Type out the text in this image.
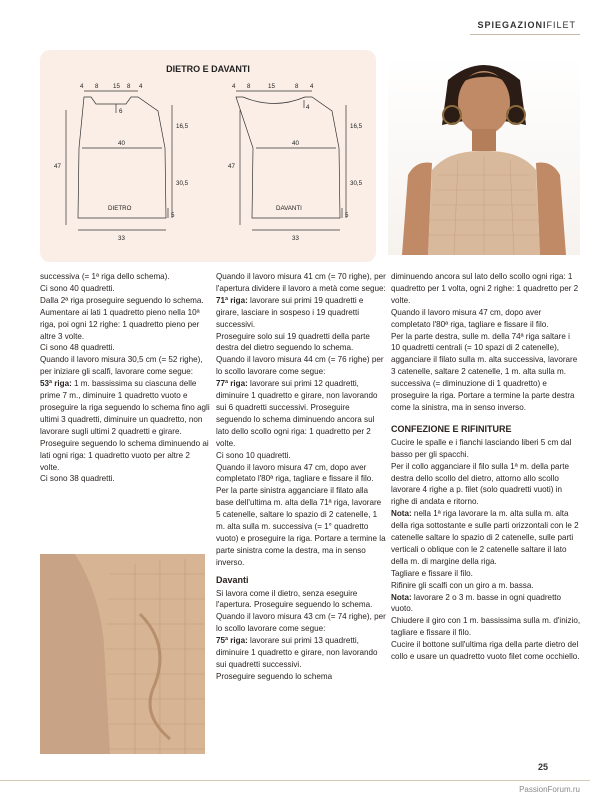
SPIEGAZIONIFILET
DIETRO E DAVANTI
4 8 15 8 4
6
40
47
16,5
30,5
5
DIETRO
33
4 8	15	8 4
4
40
47
16,5
30,5
5
DAVANTI
33

successiva (= 1ª riga dello schema).

Ci sono 40 quadretti.

Dalla 2ª riga proseguire seguendo lo schema.

Aumentare ai lati 1 quadretto pieno nella 10ª riga, poi ogni 12 righe: 1 quadretto pieno per altre 3 volte.

Ci sono 48 quadretti.

Quando il lavoro misura 30,5 cm (= 52 righe), per iniziare gli scalfi, lavorare come segue:

53ª riga: 1 m. bassissima su ciascuna delle prime 7 m., diminuire 1 quadretto vuoto e proseguire la riga seguendo lo schema fino agli ultimi 3 quadretti, diminuire un quadretto, non lavorare sugli ultimi 2 quadretti e girare.

Proseguire seguendo lo schema diminuendo ai lati ogni riga: 1 quadretto vuoto per altre 2 volte.

Ci sono 38 quadretti.

Quando il lavoro misura 41 cm (= 70 righe), per l'apertura dividere il lavoro a metà come segue:

71ª riga: lavorare sui primi 19 quadretti e girare, lasciare in sospeso i 19 quadretti successivi.

Proseguire solo sui 19 quadretti della parte destra del dietro seguendo lo schema.

Quando il lavoro misura 44 cm (= 76 righe) per lo scollo lavorare come segue:

77ª riga: lavorare sui primi 12 quadretti, diminuire 1 quadretto e girare, non lavorando sui 6 quadretti successivi. Proseguire seguendo lo schema diminuendo ancora sul lato dello scollo ogni riga: 1 quadretto per 2 volte.

Ci sono 10 quadretti.

Quando il lavoro misura 47 cm, dopo aver completato l'80ª riga, tagliare e fissare il filo.

Per la parte sinistra agganciare il filato alla base dell'ultima m. alta della 71ª riga, lavorare 5 catenelle, saltare lo spazio di 2 catenelle, 1 m. alta sulla m. successiva (= 1° quadretto vuoto) e proseguire la riga. Portare a termine la parte sinistra come la destra, ma in senso inverso.

Davanti

Si lavora come il dietro, senza eseguire l'apertura. Proseguire seguendo lo schema. Quando il lavoro misura 43 cm (= 74 righe), per lo scollo lavorare come segue:

75ª riga: lavorare sui primi 13 quadretti, diminuire 1 quadretto e girare, non lavorando sui quadretti successivi.

Proseguire seguendo lo schema

diminuendo ancora sul lato dello scollo ogni riga: 1 quadretto per 1 volta, ogni 2 righe: 1 quadretto per 2 volte.

Quando il lavoro misura 47 cm, dopo aver completato l'80ª riga, tagliare e fissare il filo.

Per la parte destra, sulle m. della 74ª riga saltare i 10 quadretti centrali (= 10 spazi di 2 catenelle), agganciare il filato sulla m. alta successiva, lavorare 3 catenelle, saltare 2 catenelle, 1 m. alta sulla m. successiva (= diminuzione di 1 quadretto) e proseguire la riga. Portare a termine la parte destra come la sinistra, ma in senso inverso.

CONFEZIONE E RIFINITURE

Cucire le spalle e i fianchi lasciando liberi 5 cm dal basso per gli spacchi.

Per il collo agganciare il filo sulla 1ª m. della parte destra dello scollo del dietro, attorno allo scollo lavorare 4 righe a p. filet (solo quadretti vuoti) in righe di andata e ritorno.

Nota: nella 1ª riga lavorare la m. alta sulla m. alta della riga sottostante e sulle parti orizzontali con le 2 catenelle saltare lo spazio di 2 catenelle, sulle parti verticali o oblique con le 2 catenelle saltare il lato della m. di margine della riga.

Tagliare e fissare il filo.

Rifinire gli scalfi con un giro a m. bassa.

Nota: lavorare 2 o 3 m. basse in ogni quadretto vuoto.

Chiudere il giro con 1 m. bassissima sulla m. d'inizio, tagliare e fissare il filo.

Cucire il bottone sull'ultima riga della parte dietro del collo e usare un quadretto vuoto filet come occhiello.

25
PassionForum.ru
